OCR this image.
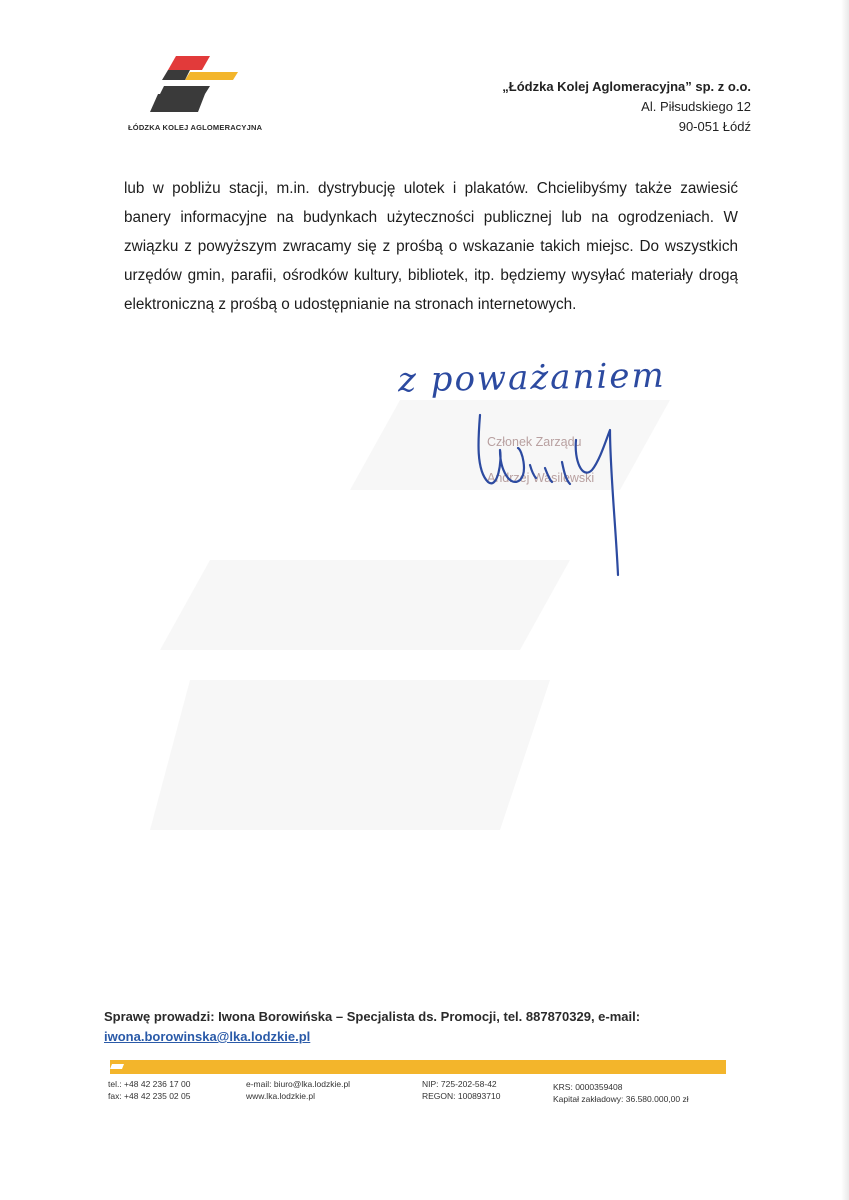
ŁÓDZKA KOLEJ AGLOMERACYJNA
„Łódzka Kolej Aglomeracyjna” sp. z o.o.
Al. Piłsudskiego 12
90-051 Łódź

lub w pobliżu stacji, m.in. dystrybucję ulotek i plakatów. Chcielibyśmy także zawiesić banery informacyjne na budynkach użyteczności publicznej lub na ogrodzeniach. W związku z powyższym zwracamy się z prośbą o wskazanie takich miejsc. Do wszystkich urzędów gmin, parafii, ośrodków kultury, bibliotek, itp. będziemy wysyłać materiały drogą elektroniczną z prośbą o udostępnianie na stronach internetowych.

z poważaniem
Członek Zarządu
Andrzej Wasilewski
Sprawę prowadzi: Iwona Borowińska – Specjalista ds. Promocji, tel. 887870329, e-mail:
iwona.borowinska@lka.lodzkie.pl
tel.: +48 42 236 17 00
fax: +48 42 235 02 05
e-mail: biuro@lka.lodzkie.pl
www.lka.lodzkie.pl
NIP: 725-202-58-42
REGON: 100893710
KRS: 0000359408
Kapitał zakładowy: 36.580.000,00 zł
